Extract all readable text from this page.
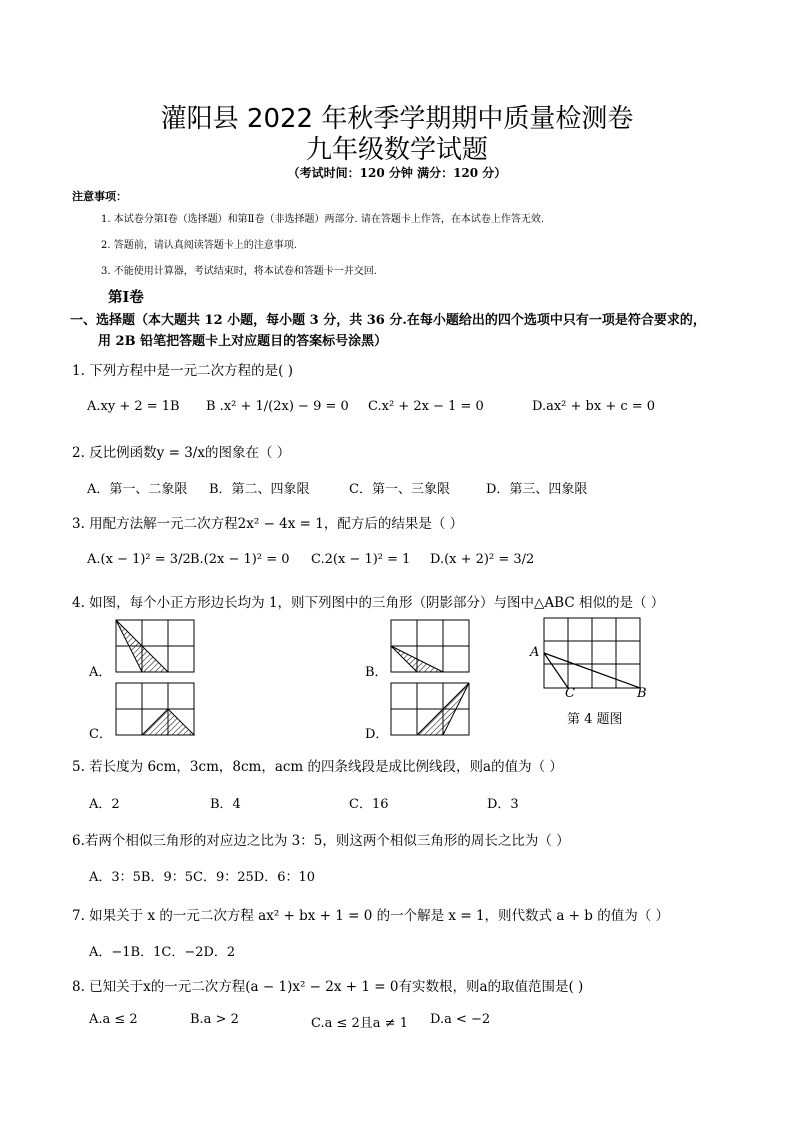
灌阳县 2022 年秋季学期期中质量检测卷
九年级数学试题
（考试时间：120 分钟 满分：120 分）
注意事项：
1. 本试卷分第Ⅰ卷（选择题）和第Ⅱ卷（非选择题）两部分. 请在答题卡上作答，在本试卷上作答无效.
2. 答题前，请认真阅读答题卡上的注意事项.
3. 不能使用计算器，考试结束时，将本试卷和答题卡一并交回.
第Ⅰ卷
一、选择题（本大题共 12 小题，每小题 3 分，共 36 分.在每小题给出的四个选项中只有一项是符合要求的，
用 2B 铅笔把答题卡上对应题目的答案标号涂黑）
1. 下列方程中是一元二次方程的是( )
A.xy + 2 = 1B B .x² + 1/(2x) − 9 = 0 C.x² + 2x − 1 = 0	D.ax² + bx + c = 0
2. 反比例函数y = 3/x的图象在（ ）
A．第一、二象限 B．第二、四象限	C．第一、三象限	D．第三、四象限
3. 用配方法解一元二次方程2x² − 4x = 1，配方后的结果是（ ）
A.(x − 1)² = 3/2 B.(2x − 1)² = 0 C.2(x − 1)² = 1 D.(x + 2)² = 3/2
4. 如图，每个小正方形边长均为 1，则下列图中的三角形（阴影部分）与图中△ABC 相似的是（ ）
A．	B．
C．	D．
A
C	B
第 4 题图
5. 若长度为 6cm，3cm，8cm，acm 的四条线段是成比例线段，则a的值为（ ）
A．2	B．4	C．16	D．3
6.若两个相似三角形的对应边之比为 3：5，则这两个相似三角形的周长之比为（ ）
A．3：5B．9：5C．9：25D．6：10
7. 如果关于 x 的一元二次方程 ax² + bx + 1 = 0 的一个解是 x = 1，则代数式 a + b 的值为（ ）
A．−1B．1C．−2D．2
8. 已知关于x的一元二次方程(a − 1)x² − 2x + 1 = 0有实数根，则a的取值范围是( )
A.a ≤ 2	B.a > 2	C.a ≤ 2且a ≠ 1 D.a < −2
